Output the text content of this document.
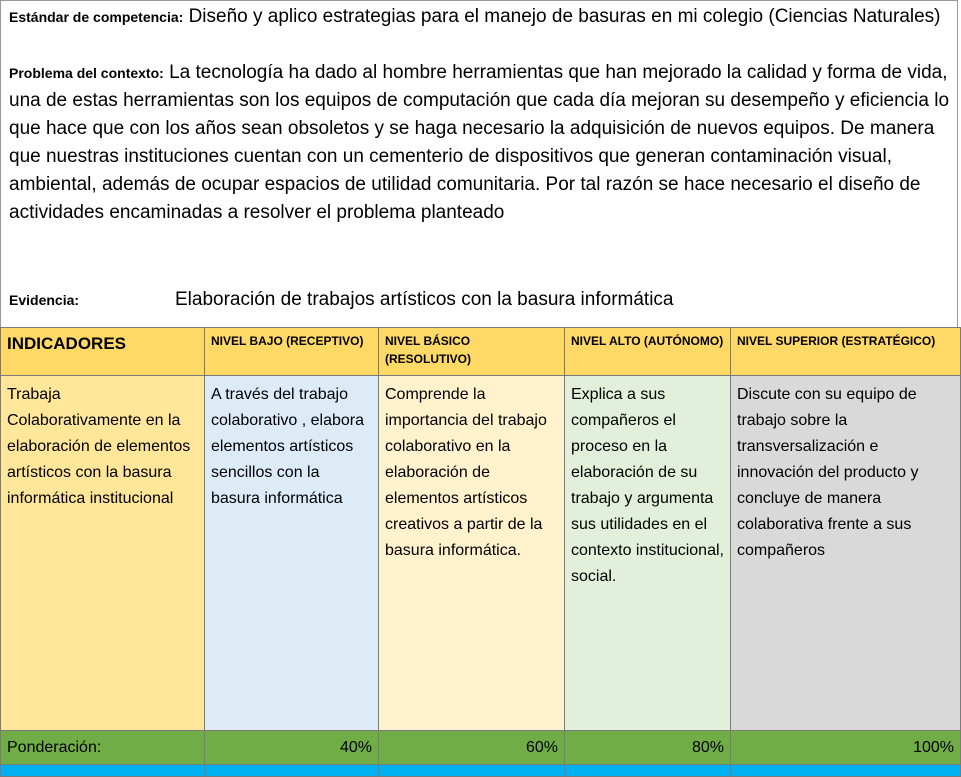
Estándar de competencia: Diseño y aplico estrategias para el manejo de basuras en mi colegio (Ciencias Naturales)
Problema del contexto: La tecnología ha dado al hombre herramientas que han mejorado la calidad y forma de vida, una de estas herramientas son los equipos de computación que cada día mejoran su desempeño y eficiencia lo que hace que con los años sean obsoletos y se haga necesario la adquisición de nuevos equipos. De manera que nuestras instituciones cuentan con un cementerio de dispositivos que generan contaminación visual, ambiental, además de ocupar espacios de utilidad comunitaria. Por tal razón se hace necesario el diseño de actividades encaminadas a resolver el problema planteado
Evidencia:	Elaboración de trabajos artísticos con la basura informática
INDICADORES	NIVEL BAJO (RECEPTIVO)	NIVEL BÁSICO (RESOLUTIVO)	NIVEL ALTO (AUTÓNOMO)	NIVEL SUPERIOR (ESTRATÉGICO)
Trabaja Colaborativamente en la elaboración de elementos artísticos con la basura informática institucional	A través del trabajo colaborativo , elabora elementos artísticos sencillos con la basura informática	Comprende la importancia del trabajo colaborativo en la elaboración de elementos artísticos creativos a partir de la basura informática.	Explica a sus compañeros el proceso en la elaboración de su trabajo y argumenta sus utilidades en el contexto institucional, social.	Discute con su equipo de trabajo sobre la transversalización e innovación del producto y concluye de manera colaborativa frente a sus compañeros
Ponderación:	40%	60%	80%	100%
